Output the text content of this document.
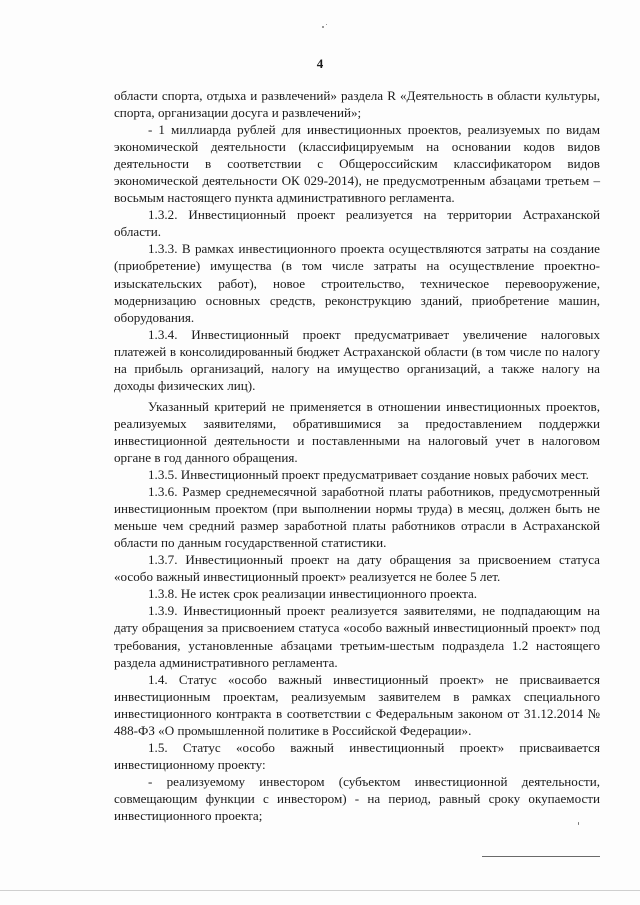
4

области спорта, отдыха и развлечений» раздела R «Деятельность в области культуры, спорта, организации досуга и развлечений»;

- 1 миллиарда рублей для инвестиционных проектов, реализуемых по видам экономической деятельности (классифицируемым на основании кодов видов деятельности в соответствии с Общероссийским классификатором видов экономической деятельности ОК 029-2014), не предусмотренным абзацами третьем – восьмым настоящего пункта административного регламента.

1.3.2. Инвестиционный проект реализуется на территории Астраханской области.

1.3.3. В рамках инвестиционного проекта осуществляются затраты на создание (приобретение) имущества (в том числе затраты на осуществление проектно-изыскательских работ), новое строительство, техническое перевооружение, модернизацию основных средств, реконструкцию зданий, приобретение машин, оборудования.

1.3.4. Инвестиционный проект предусматривает увеличение налоговых платежей в консолидированный бюджет Астраханской области (в том числе по налогу на прибыль организаций, налогу на имущество организаций, а также налогу на доходы физических лиц).

Указанный критерий не применяется в отношении инвестиционных проектов, реализуемых заявителями, обратившимися за предоставлением поддержки инвестиционной деятельности и поставленными на налоговый учет в налоговом органе в год данного обращения.

1.3.5. Инвестиционный проект предусматривает создание новых рабочих мест.

1.3.6. Размер среднемесячной заработной платы работников, предусмотренный инвестиционным проектом (при выполнении нормы труда) в месяц, должен быть не меньше чем средний размер заработной платы работников отрасли в Астраханской области по данным государственной статистики.

1.3.7. Инвестиционный проект на дату обращения за присвоением статуса «особо важный инвестиционный проект» реализуется не более 5 лет.

1.3.8. Не истек срок реализации инвестиционного проекта.

1.3.9. Инвестиционный проект реализуется заявителями, не подпадающим на дату обращения за присвоением статуса «особо важный инвестиционный проект» под требования, установленные абзацами третьим-шестым подраздела 1.2 настоящего раздела административного регламента.

1.4. Статус «особо важный инвестиционный проект» не присваивается инвестиционным проектам, реализуемым заявителем в рамках специального инвестиционного контракта в соответствии с Федеральным законом от 31.12.2014 № 488-ФЗ «О промышленной политике в Российской Федерации».

1.5. Статус «особо важный инвестиционный проект» присваивается инвестиционному проекту:

- реализуемому инвестором (субъектом инвестиционной деятельности, совмещающим функции с инвестором) - на период, равный сроку окупаемости инвестиционного проекта;
